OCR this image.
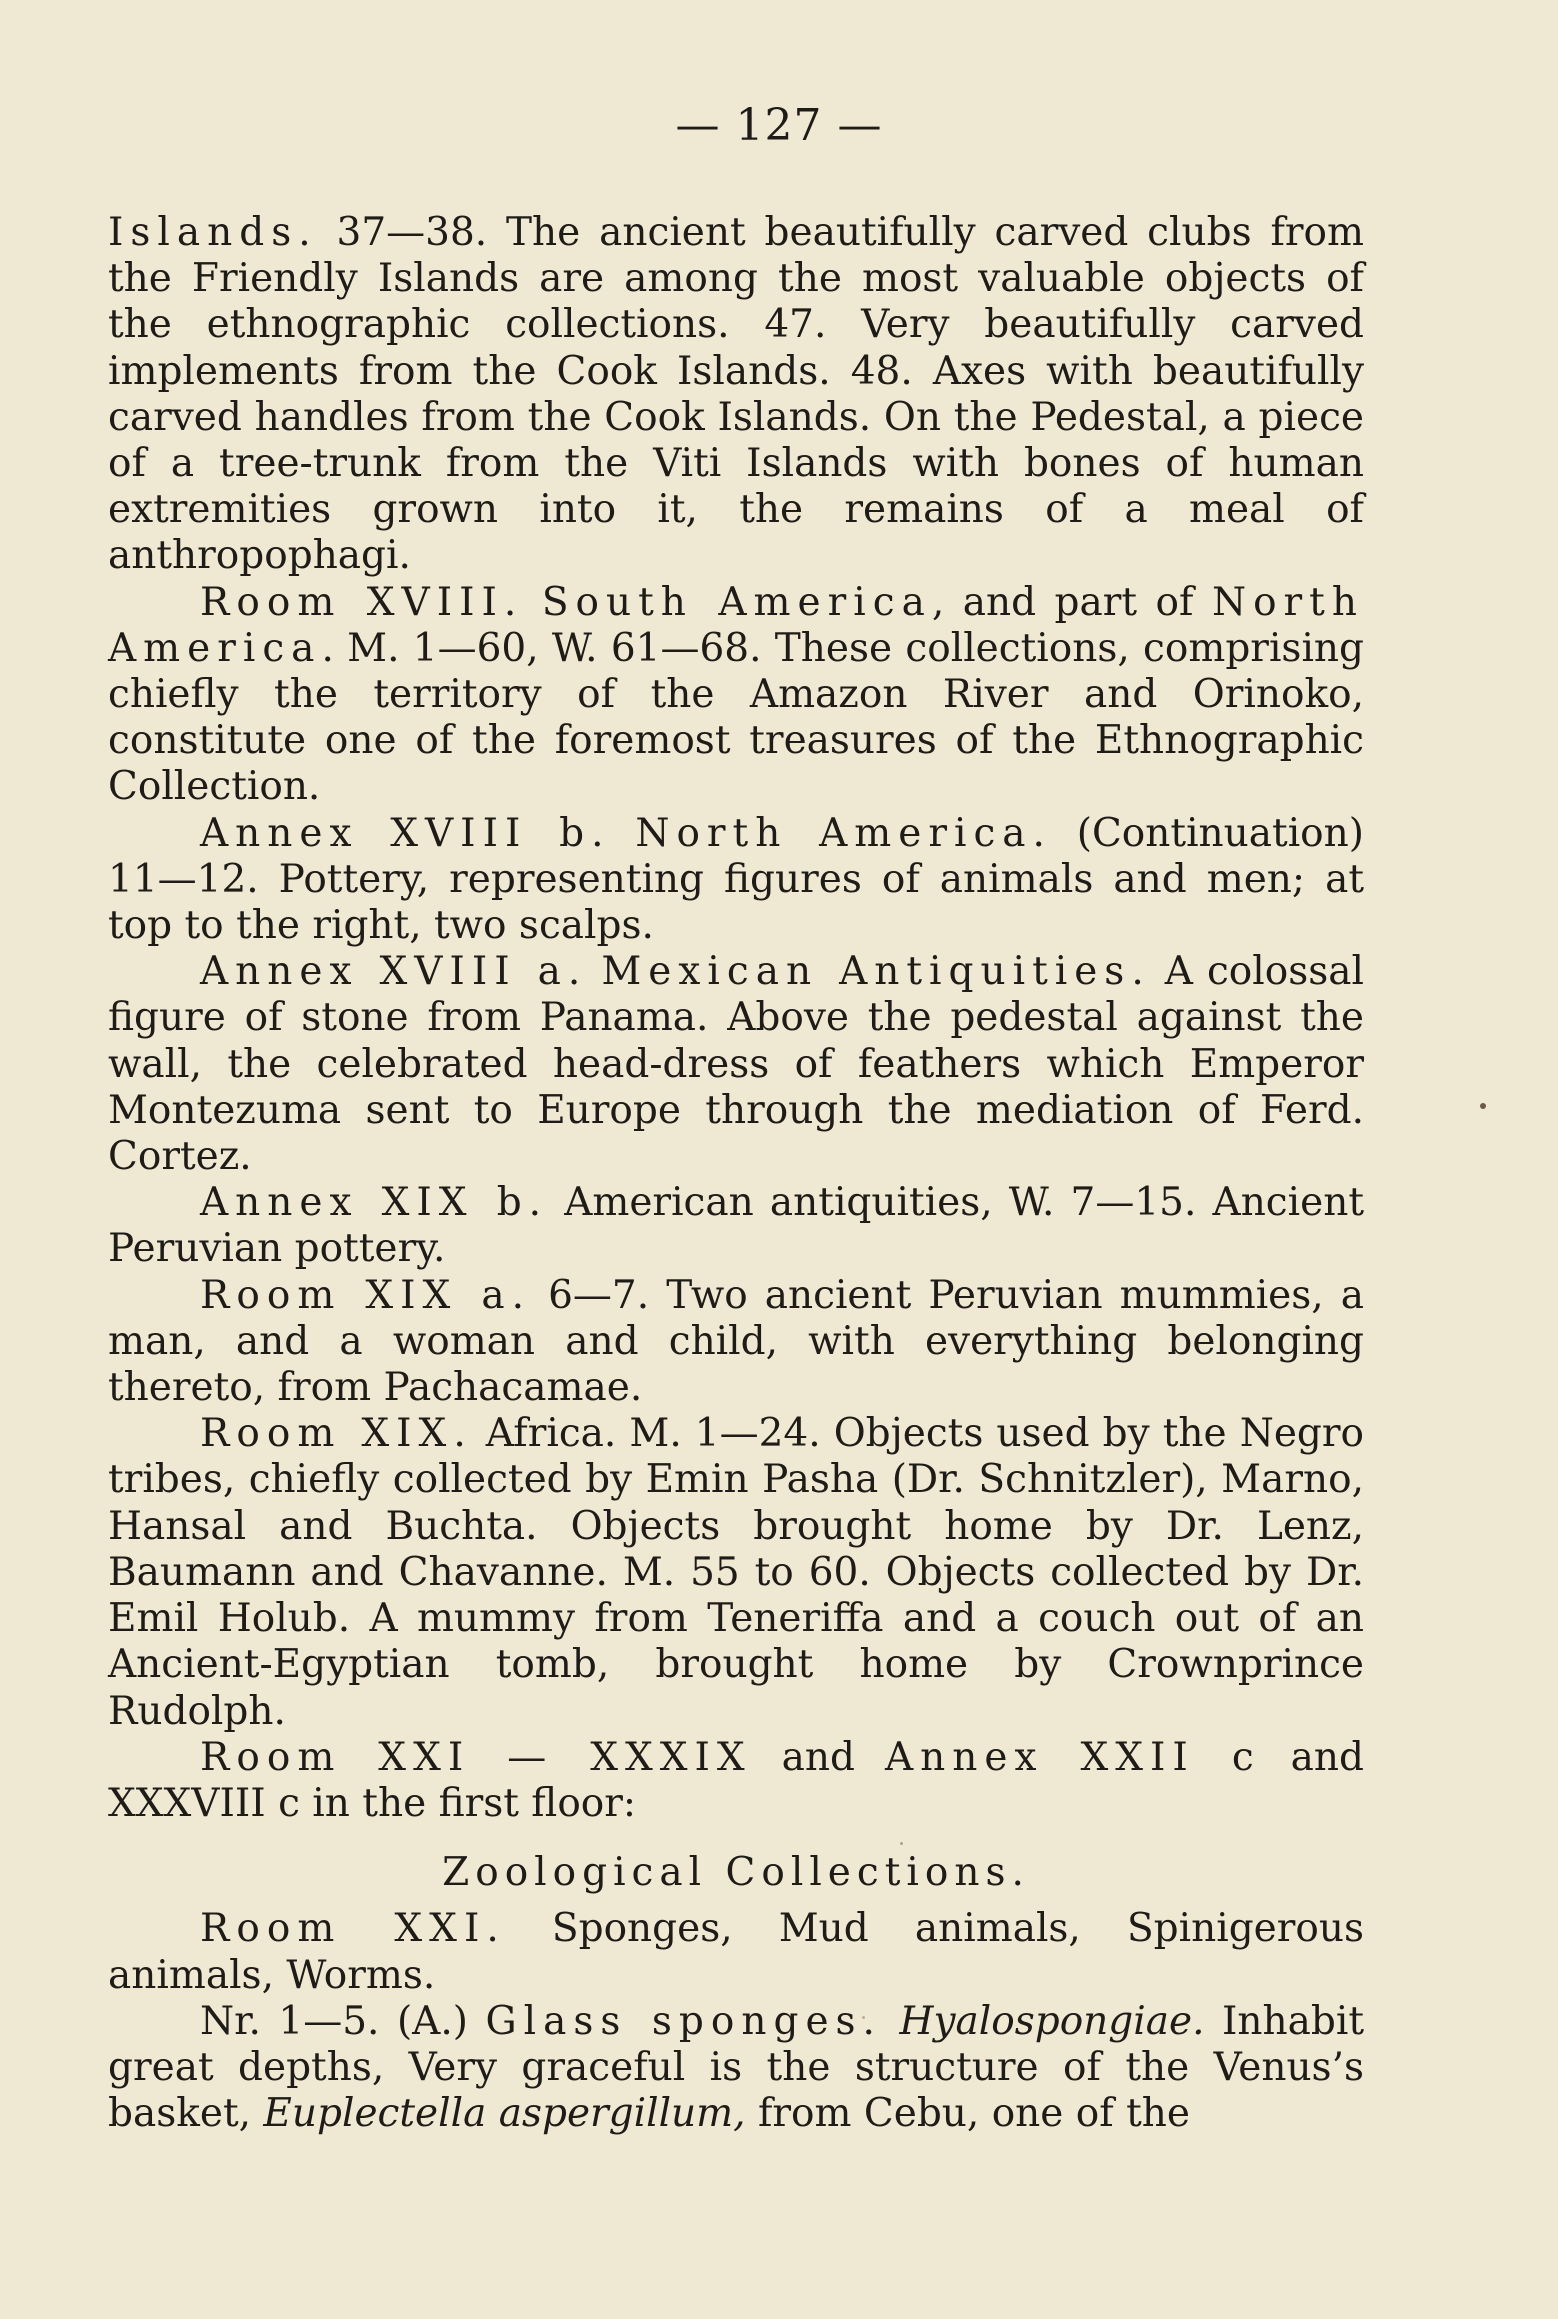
— 127 —

Islands. 37—38. The ancient beautifully carved clubs from the Friendly Islands are among the most valuable objects of the ethnographic collections. 47. Very beautifully carved implements from the Cook Islands. 48. Axes with beautifully carved handles from the Cook Islands. On the Pedestal, a piece of a tree-trunk from the Viti Islands with bones of human extremities grown into it, the remains of a meal of anthropophagi.

Room XVIII. South America, and part of North America. M. 1—60, W. 61—68. These collections, comprising chiefly the territory of the Amazon River and Orinoko, constitute one of the foremost treasures of the Ethnographic Collection.

Annex XVIII b. North America. (Continuation) 11—12. Pottery, representing figures of animals and men; at top to the right, two scalps.

Annex XVIII a. Mexican Antiquities. A colossal figure of stone from Panama. Above the pedestal against the wall, the celebrated head-dress of feathers which Emperor Montezuma sent to Europe through the mediation of Ferd. Cortez.

Annex XIX b. American antiquities, W. 7—15. Ancient Peruvian pottery.

Room XIX a. 6—7. Two ancient Peruvian mummies, a man, and a woman and child, with everything belonging thereto, from Pachacamae.

Room XIX. Africa. M. 1—24. Objects used by the Negro tribes, chiefly collected by Emin Pasha (Dr. Schnitzler), Marno, Hansal and Buchta. Objects brought home by Dr. Lenz, Baumann and Chavanne. M. 55 to 60. Objects collected by Dr. Emil Holub. A mummy from Teneriffa and a couch out of an Ancient-Egyptian tomb, brought home by Crownprince Rudolph.

Room XXI — XXXIX and Annex XXII c and XXXVIII c in the first floor:

Zoological Collections.

Room XXI. Sponges, Mud animals, Spinigerous animals, Worms.

Nr. 1—5. (A.) Glass sponges. Hyalospongiae. Inhabit great depths, Very graceful is the structure of the Venus’s basket, Euplectella aspergillum, from Cebu, one of the
